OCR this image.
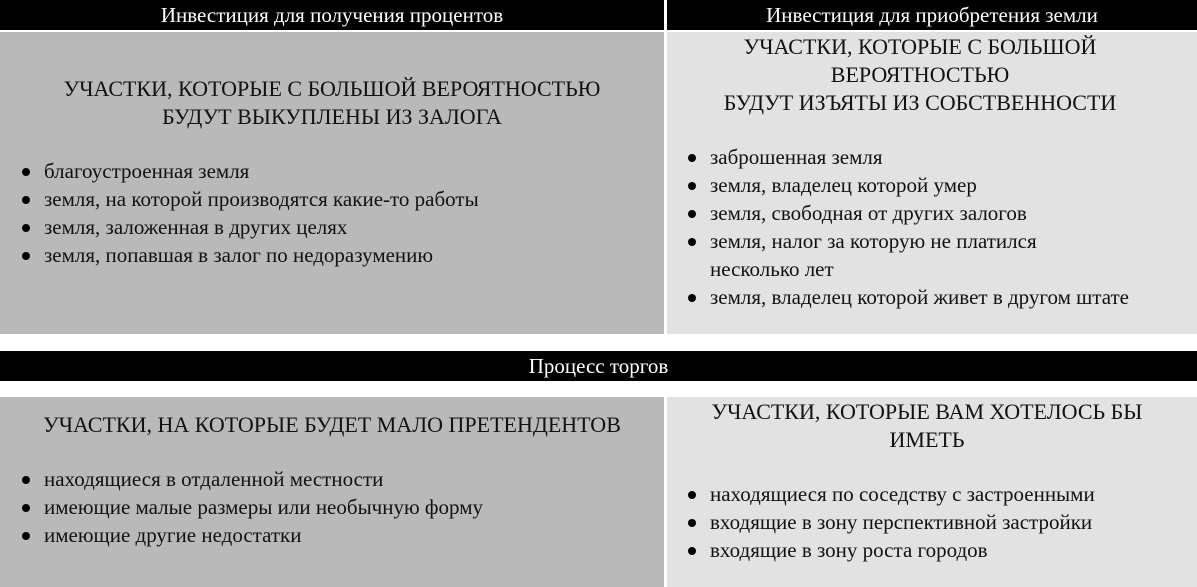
Инвестиция для получения процентов	Инвестиция для приобретения земли

УЧАСТКИ, КОТОРЫЕ С БОЛЬШОЙ ВЕРОЯТНОСТЬЮ
БУДУТ ВЫКУПЛЕНЫ ИЗ ЗАЛОГА

благоустроенная земля
земля, на которой производятся какие-то работы
земля, заложенная в других целях
земля, попавшая в залог по недоразумению

УЧАСТКИ, КОТОРЫЕ С БОЛЬШОЙ
ВЕРОЯТНОСТЬЮ
БУДУТ ИЗЪЯТЫ ИЗ СОБСТВЕННОСТИ

заброшенная земля
земля, владелец которой умер
земля, свободная от других залогов
земля, налог за которую не платился
несколько лет
земля, владелец которой живет в другом штате
Процесс торгов

УЧАСТКИ, НА КОТОРЫЕ БУДЕТ МАЛО ПРЕТЕНДЕНТОВ

находящиеся в отдаленной местности
имеющие малые размеры или необычную форму
имеющие другие недостатки

УЧАСТКИ, КОТОРЫЕ ВАМ ХОТЕЛОСЬ БЫ
ИМЕТЬ

находящиеся по соседству с застроенными
входящие в зону перспективной застройки
входящие в зону роста городов
